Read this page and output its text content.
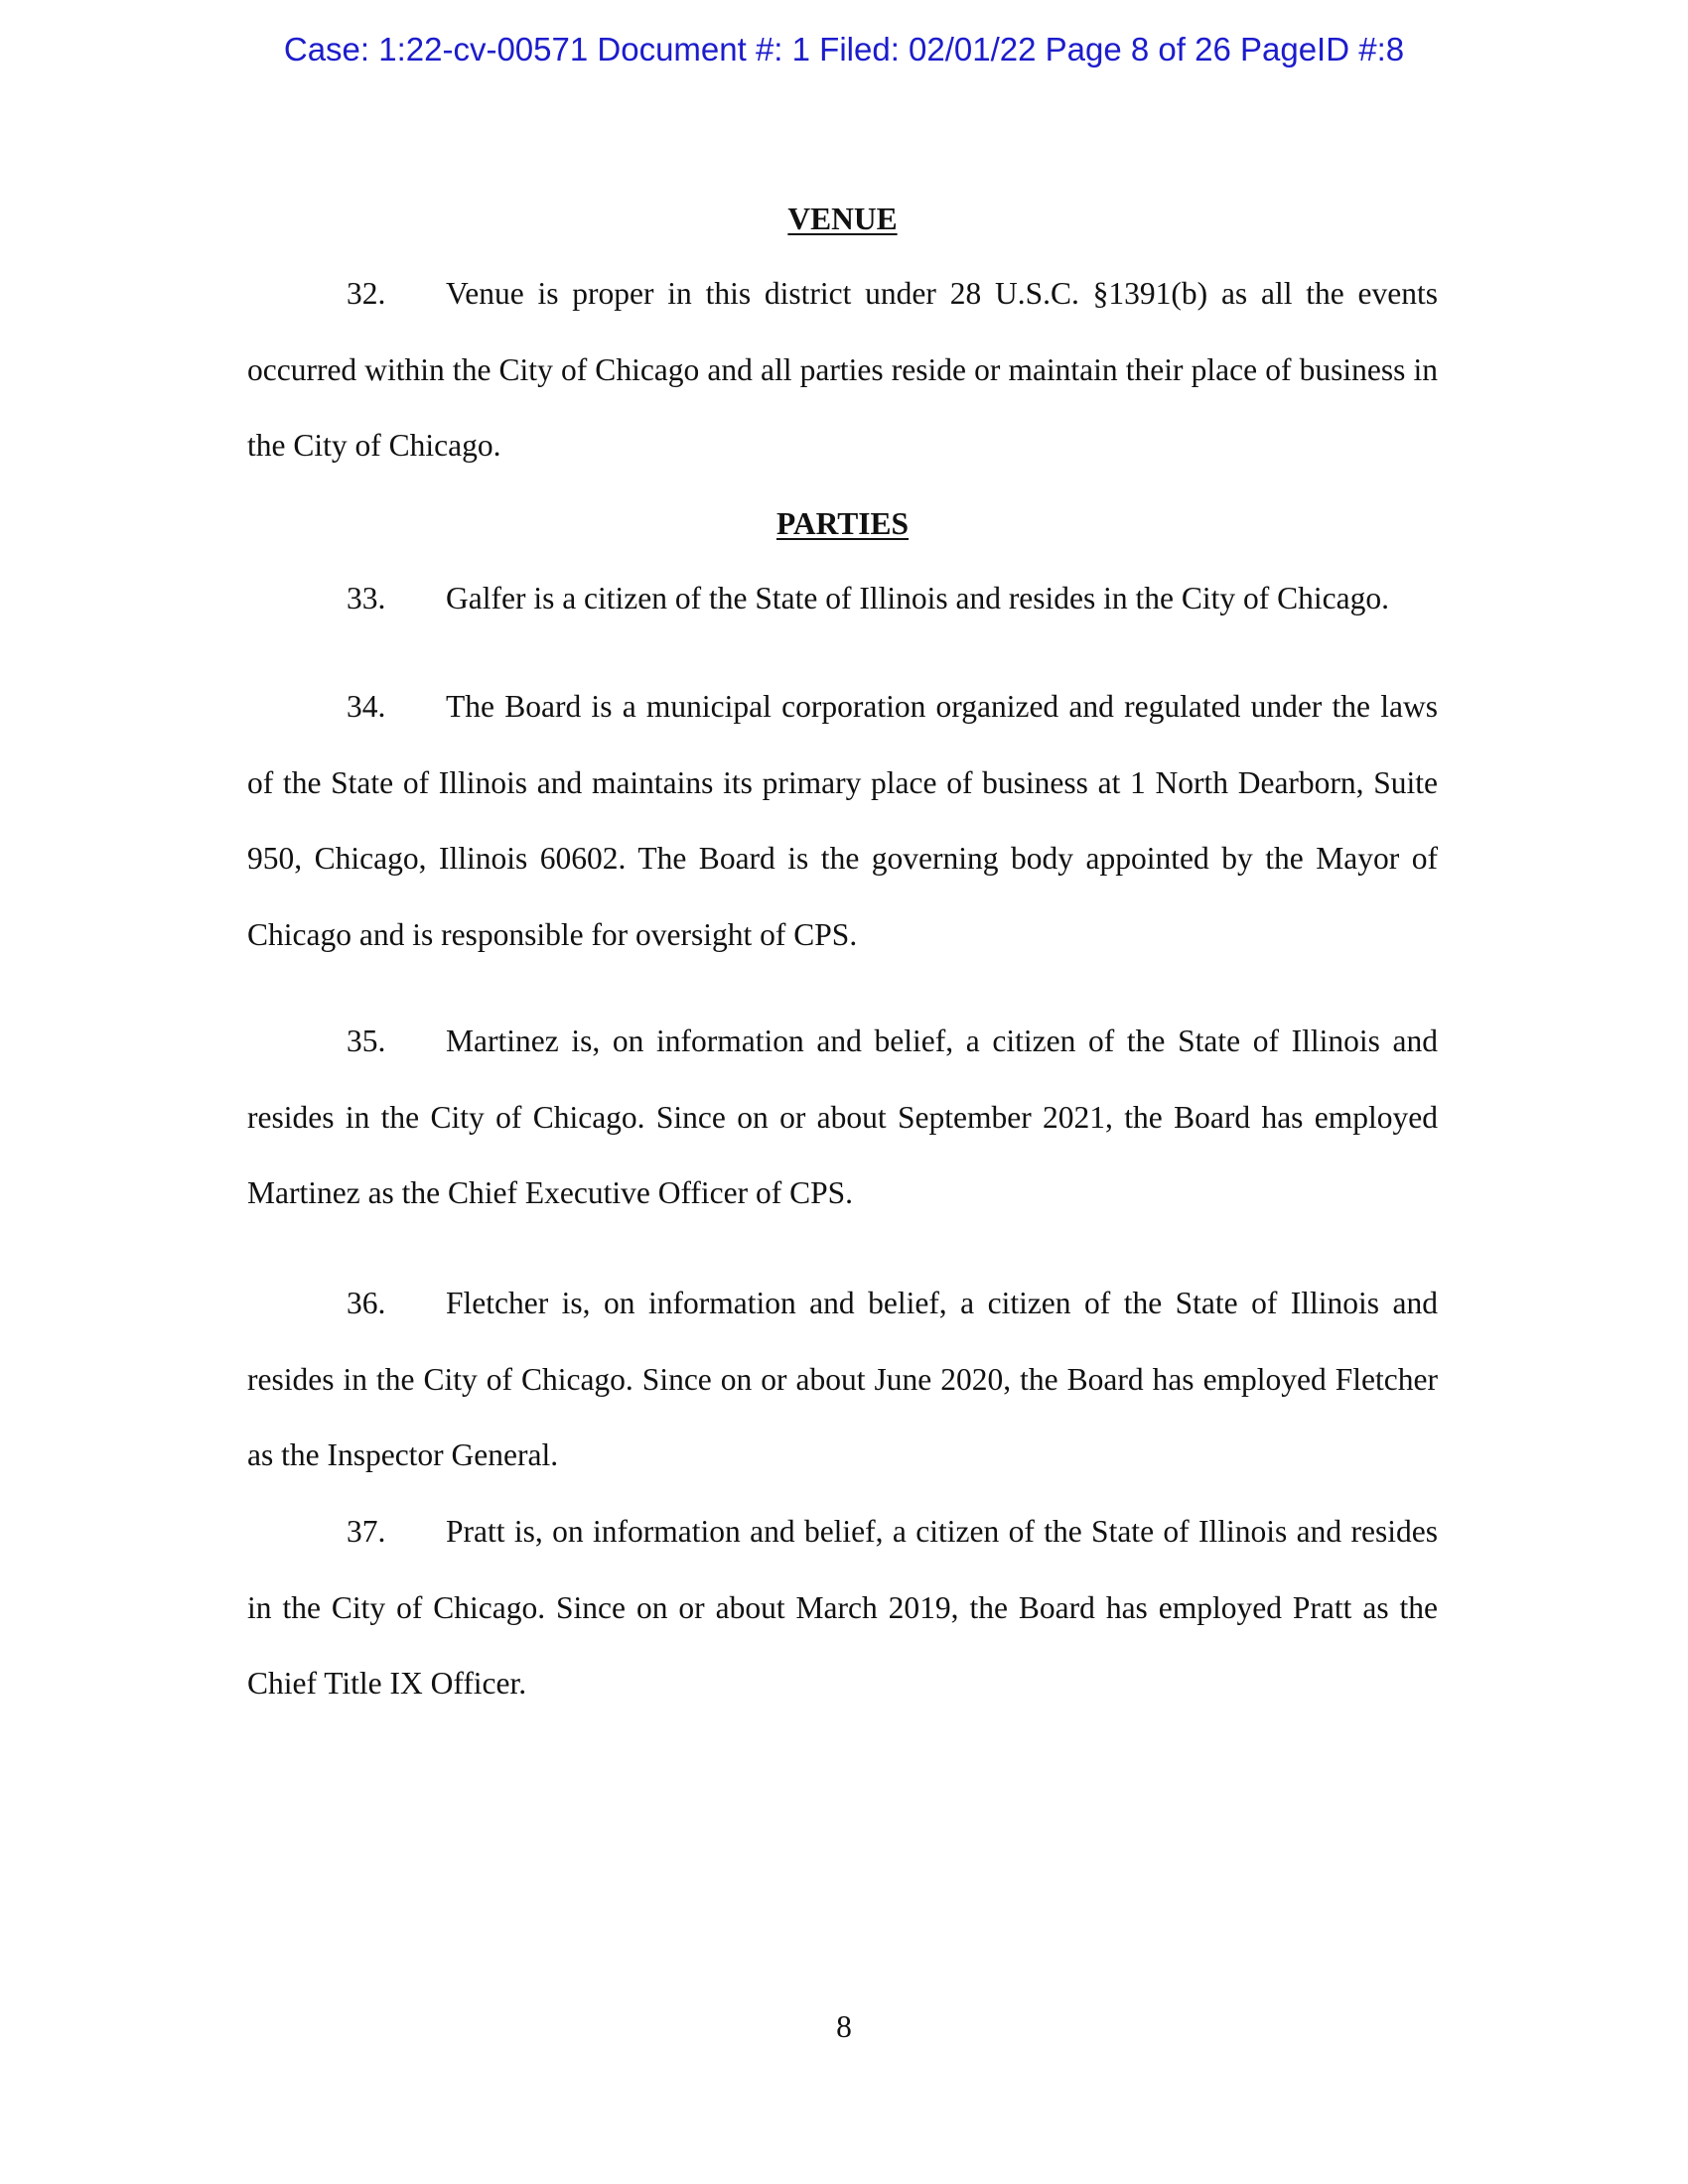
Case: 1:22-cv-00571 Document #: 1 Filed: 02/01/22 Page 8 of 26 PageID #:8
VENUE

32. Venue is proper in this district under 28 U.S.C. §1391(b) as all the events occurred within the City of Chicago and all parties reside or maintain their place of business in the City of Chicago.

PARTIES

33. Galfer is a citizen of the State of Illinois and resides in the City of Chicago.

34. The Board is a municipal corporation organized and regulated under the laws of the State of Illinois and maintains its primary place of business at 1 North Dearborn, Suite 950, Chicago, Illinois 60602. The Board is the governing body appointed by the Mayor of Chicago and is responsible for oversight of CPS.

35. Martinez is, on information and belief, a citizen of the State of Illinois and resides in the City of Chicago. Since on or about September 2021, the Board has employed Martinez as the Chief Executive Officer of CPS.

36. Fletcher is, on information and belief, a citizen of the State of Illinois and resides in the City of Chicago. Since on or about June 2020, the Board has employed Fletcher as the Inspector General.

37. Pratt is, on information and belief, a citizen of the State of Illinois and resides in the City of Chicago. Since on or about March 2019, the Board has employed Pratt as the Chief Title IX Officer.

8
